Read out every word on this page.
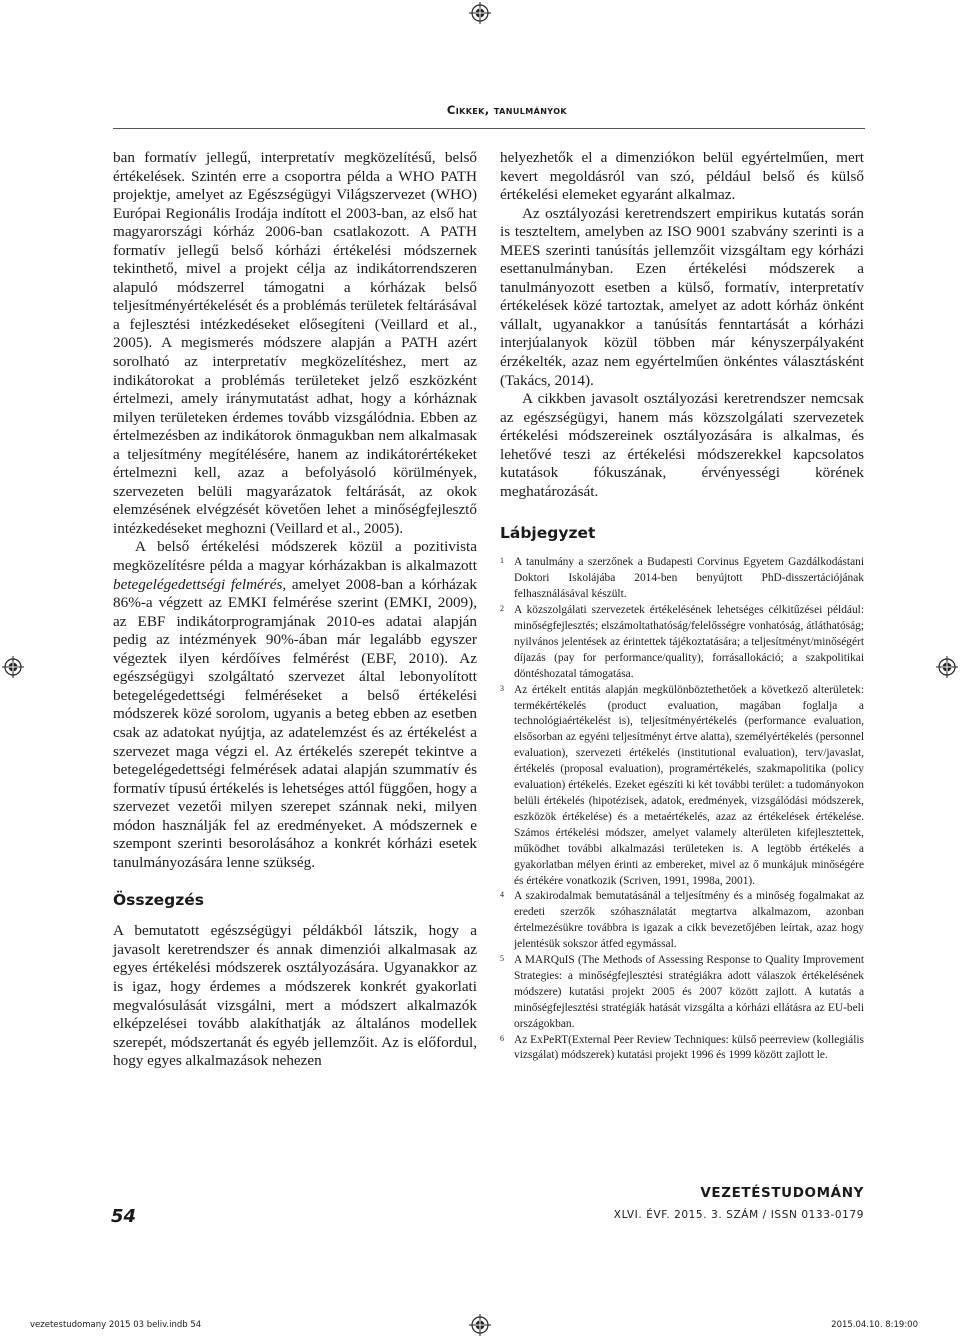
Cikkek, tanulmányok

ban formatív jellegű, interpretatív megközelítésű, belső értékelések. Szintén erre a csoportra példa a WHO PATH projektje, amelyet az Egészségügyi Világszervezet (WHO) Európai Regionális Irodája indított el 2003-ban, az első hat magyarországi kórház 2006-ban csatlakozott. A PATH formatív jellegű belső kórházi értékelési módszernek tekinthető, mivel a projekt célja az indikátorrendszeren alapuló módszerrel támogatni a kórházak belső teljesítményértékelését és a problémás területek feltárásával a fejlesztési intézkedéseket elősegíteni (Veillard et al., 2005). A megismerés módszere alapján a PATH azért sorolható az interpretatív megközelítéshez, mert az indikátorokat a problémás területeket jelző eszközként értelmezi, amely iránymutatást adhat, hogy a kórháznak milyen területeken érdemes tovább vizsgálódnia. Ebben az értelmezésben az indikátorok önmagukban nem alkalmasak a teljesítmény megítélésére, hanem az indikátorértékeket értelmezni kell, azaz a befolyásoló körülmények, szervezeten belüli magyarázatok feltárását, az okok elemzésének elvégzését követően lehet a minőségfejlesztő intézkedéseket meghozni (Veillard et al., 2005).

A belső értékelési módszerek közül a pozitivista megközelítésre példa a magyar kórházakban is alkalmazott betegelégedettségi felmérés, amelyet 2008-ban a kórházak 86%-a végzett az EMKI felmérése szerint (EMKI, 2009), az EBF indikátorprogramjának 2010-es adatai alapján pedig az intézmények 90%-ában már legalább egyszer végeztek ilyen kérdőíves felmérést (EBF, 2010). Az egészségügyi szolgáltató szervezet által lebonyolított betegelégedettségi felméréseket a belső értékelési módszerek közé sorolom, ugyanis a beteg ebben az esetben csak az adatokat nyújtja, az adatelemzést és az értékelést a szervezet maga végzi el. Az értékelés szerepét tekintve a betegelégedettségi felmérések adatai alapján szummatív és formatív típusú értékelés is lehetséges attól függően, hogy a szervezet vezetői milyen szerepet szánnak neki, milyen módon használják fel az eredményeket. A módszernek e szempont szerinti besorolásához a konkrét kórházi esetek tanulmányozására lenne szükség.

Összegzés

A bemutatott egészségügyi példákból látszik, hogy a javasolt keretrendszer és annak dimenziói alkalmasak az egyes értékelési módszerek osztályozására. Ugyanakkor az is igaz, hogy érdemes a módszerek konkrét gyakorlati megvalósulását vizsgálni, mert a módszert alkalmazók elképzelései tovább alakíthatják az általános modellek szerepét, módszertanát és egyéb jellemzőit. Az is előfordul, hogy egyes alkalmazások nehezen

helyezhetők el a dimenziókon belül egyértelműen, mert kevert megoldásról van szó, például belső és külső értékelési elemeket egyaránt alkalmaz.

Az osztályozási keretrendszert empirikus kutatás során is teszteltem, amelyben az ISO 9001 szabvány szerinti is a MEES szerinti tanúsítás jellemzőit vizsgáltam egy kórházi esettanulmányban. Ezen értékelési módszerek a tanulmányozott esetben a külső, formatív, interpretatív értékelések közé tartoztak, amelyet az adott kórház önként vállalt, ugyanakkor a tanúsítás fenntartását a kórházi interjúalanyok közül többen már kényszerpályaként érzékelték, azaz nem egyértelműen önkéntes választásként (Takács, 2014).

A cikkben javasolt osztályozási keretrendszer nemcsak az egészségügyi, hanem más közszolgálati szervezetek értékelési módszereinek osztályozására is alkalmas, és lehetővé teszi az értékelési módszerekkel kapcsolatos kutatások fókuszának, érvényességi körének meghatározását.

Lábjegyzet
1 A tanulmány a szerzőnek a Budapesti Corvinus Egyetem Gazdálkodástani Doktori Iskolájába 2014-ben benyújtott PhD-disszertációjának felhasználásával készült.
2 A közszolgálati szervezetek értékelésének lehetséges célkitűzései például: minőségfejlesztés; elszámoltathatóság/felelősségre vonhatóság, átláthatóság; nyilvános jelentések az érintettek tájékoztatására; a teljesítményt/minőségért díjazás (pay for performance/quality), forrásallokáció; a szakpolitikai döntéshozatal támogatása.
3 Az értékelt entitás alapján megkülönböztethetőek a következő alterületek: termékértékelés (product evaluation, magában foglalja a technológiaértékelést is), teljesítményértékelés (performance evaluation, elsősorban az egyéni teljesítményt értve alatta), személyértékelés (personnel evaluation), szervezeti értékelés (institutional evaluation), terv/javaslat, értékelés (proposal evaluation), programértékelés, szakmapolitika (policy evaluation) értékelés. Ezeket egészíti ki két további terület: a tudományokon belüli értékelés (hipotézisek, adatok, eredmények, vizsgálódási módszerek, eszközök értékelése) és a metaértékelés, azaz az értékelések értékelése. Számos értékelési módszer, amelyet valamely alterületen kifejlesztettek, működhet további alkalmazási területeken is. A legtöbb értékelés a gyakorlatban mélyen érinti az embereket, mivel az ő munkájuk minőségére és értékére vonatkozik (Scriven, 1991, 1998a, 2001).
4 A szakirodalmak bemutatásánál a teljesítmény és a minőség fogalmakat az eredeti szerzők szóhasználatát megtartva alkalmazom, azonban értelmezésükre továbbra is igazak a cikk bevezetőjében leírtak, azaz hogy jelentésük sokszor átfed egymással.
5 A MARQuIS (The Methods of Assessing Response to Quality Improvement Strategies: a minőségfejlesztési stratégiákra adott válaszok értékelésének módszere) kutatási projekt 2005 és 2007 között zajlott. A kutatás a minőségfejlesztési stratégiák hatását vizsgálta a kórházi ellátásra az EU-beli országokban.
6 Az ExPeRT(External Peer Review Techniques: külső peerreview (kollegiális vizsgálat) módszerek) kutatási projekt 1996 és 1999 között zajlott le.
54
VEZETÉSTUDOMÁNY
XLVI. ÉVF. 2015. 3. SZÁM / ISSN 0133-0179
vezetestudomany 2015 03 beliv.indb 54	2015.04.10. 8:19:00
